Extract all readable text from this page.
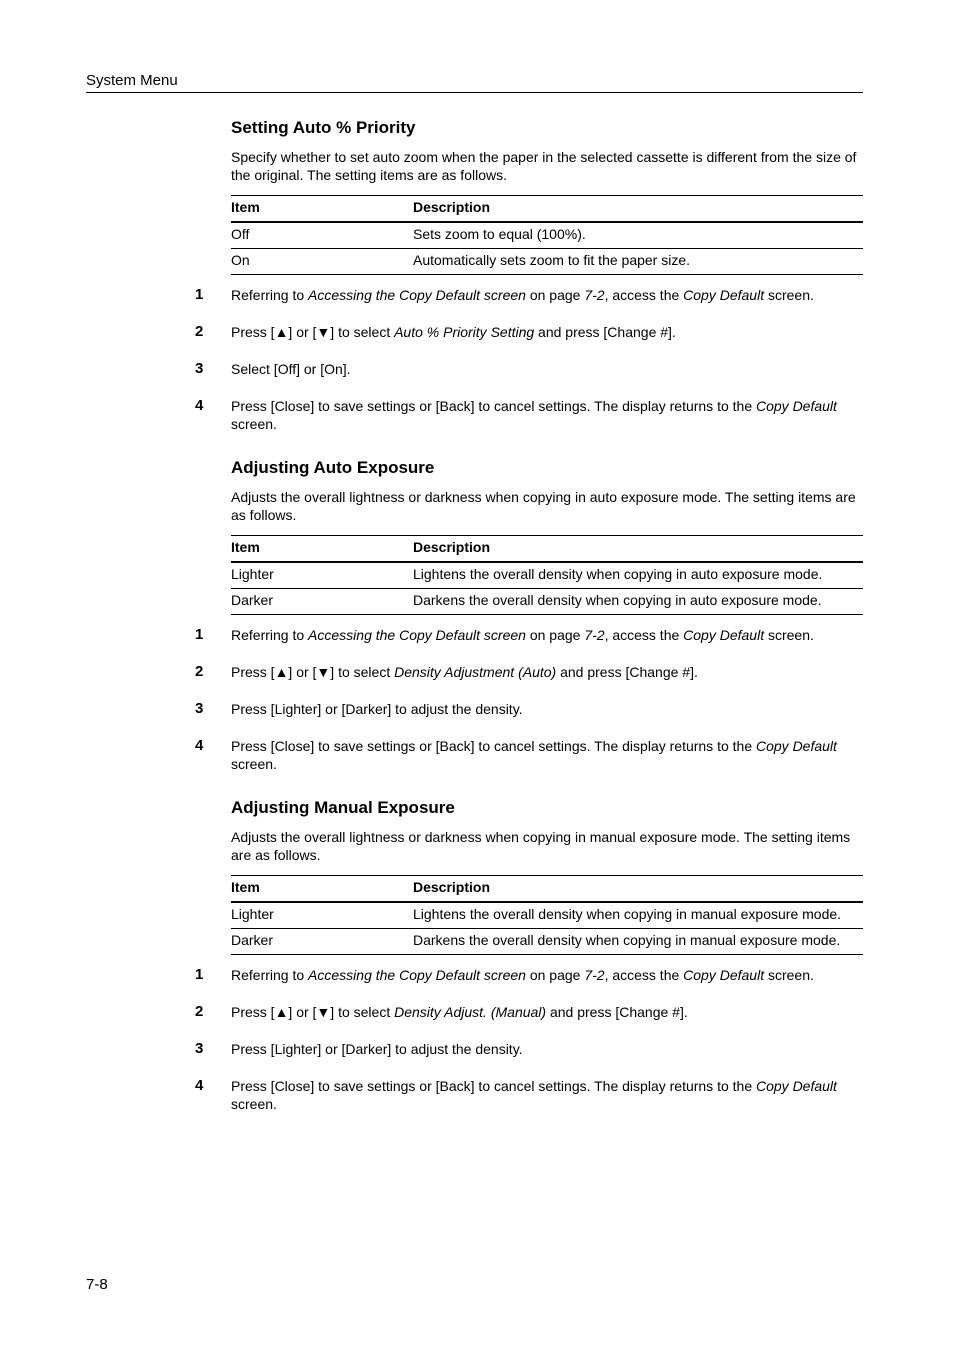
System Menu
Setting Auto % Priority
Specify whether to set auto zoom when the paper in the selected cassette is different from the size of the original. The setting items are as follows.
Item	Description
Off	Sets zoom to equal (100%).
On	Automatically sets zoom to fit the paper size.
1 Referring to Accessing the Copy Default screen on page 7-2, access the Copy Default screen.
2 Press [▲] or [▼] to select Auto % Priority Setting and press [Change #].
3 Select [Off] or [On].
4 Press [Close] to save settings or [Back] to cancel settings. The display returns to the Copy Default screen.
Adjusting Auto Exposure
Adjusts the overall lightness or darkness when copying in auto exposure mode. The setting items are as follows.
Item	Description
Lighter	Lightens the overall density when copying in auto exposure mode.
Darker	Darkens the overall density when copying in auto exposure mode.
1 Referring to Accessing the Copy Default screen on page 7-2, access the Copy Default screen.
2 Press [▲] or [▼] to select Density Adjustment (Auto) and press [Change #].
3 Press [Lighter] or [Darker] to adjust the density.
4 Press [Close] to save settings or [Back] to cancel settings. The display returns to the Copy Default screen.
Adjusting Manual Exposure
Adjusts the overall lightness or darkness when copying in manual exposure mode. The setting items are as follows.
Item	Description
Lighter	Lightens the overall density when copying in manual exposure mode.
Darker	Darkens the overall density when copying in manual exposure mode.
1 Referring to Accessing the Copy Default screen on page 7-2, access the Copy Default screen.
2 Press [▲] or [▼] to select Density Adjust. (Manual) and press [Change #].
3 Press [Lighter] or [Darker] to adjust the density.
4 Press [Close] to save settings or [Back] to cancel settings. The display returns to the Copy Default screen.
7-8
